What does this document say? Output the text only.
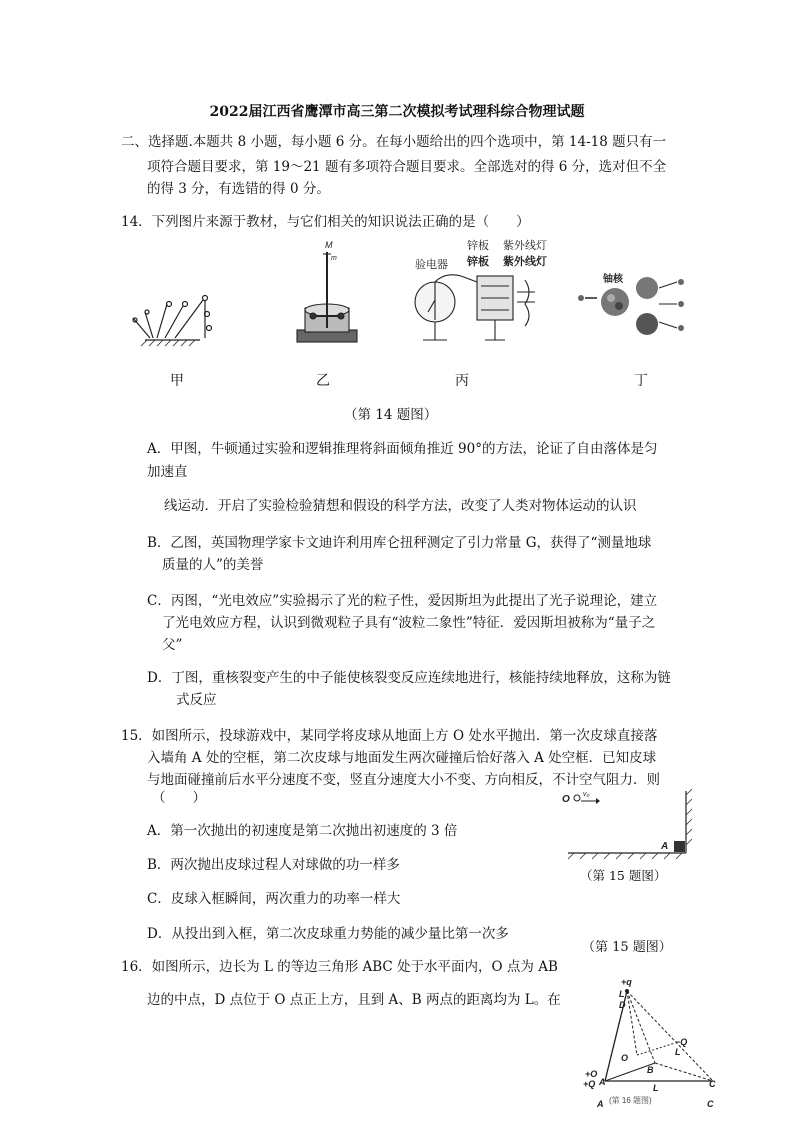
2022届江西省鹰潭市高三第二次模拟考试理科综合物理试题
二、选择题.本题共 8 小题，每小题 6 分。在每小题给出的四个选项中，第 14-18 题只有一
项符合题目要求，第 19～21 题有多项符合题目要求。全部选对的得 6 分，选对但不全
的得 3 分，有选错的得 0 分。
14．下列图片来源于教材，与它们相关的知识说法正确的是（　　）
M
m
验电器
锌板
锌板
紫外线灯
紫外线灯
铀核
甲	乙	丙	丁
（第 14 题图）
A．甲图，牛顿通过实验和逻辑推理将斜面倾角推近 90°的方法，论证了自由落体是匀
加速直
线运动．开启了实验检验猜想和假设的科学方法，改变了人类对物体运动的认识
B．乙图，英国物理学家卡文迪许利用库仑扭秤测定了引力常量 G，获得了“测量地球
质量的人”的美誉
C．丙图，“光电效应”实验揭示了光的粒子性，爱因斯坦为此提出了光子说理论，建立
了光电效应方程，认识到微观粒子具有“波粒二象性”特征．爱因斯坦被称为“量子之
父”
D．丁图，重核裂变产生的中子能使核裂变反应连续地进行，核能持续地释放，这称为链
式反应
15．如图所示，投球游戏中，某同学将皮球从地面上方 O 处水平抛出．第一次皮球直接落
入墙角 A 处的空框，第二次皮球与地面发生两次碰撞后恰好落入 A 处空框．已知皮球
与地面碰撞前后水平分速度不变，竖直分速度大小不变、方向相反，不计空气阻力．则
（　　）
A．第一次抛出的初速度是第二次抛出初速度的 3 倍
B．两次抛出皮球过程人对球做的功一样多
C．皮球入框瞬间，两次重力的功率一样大
D．从投出到入框，第二次皮球重力势能的减少量比第一次多
O v₀
A
（第 15 题图）
（第 15 题图）
16．如图所示，边长为 L 的等边三角形 ABC 处于水平面内，O 点为 AB
边的中点，D 点位于 O 点正上方，且到 A、B 两点的距离均为 L。在
+q
L
D
−Q
L
O
B
+O
+Q A
L	C
(第 16 题图)
A	C
